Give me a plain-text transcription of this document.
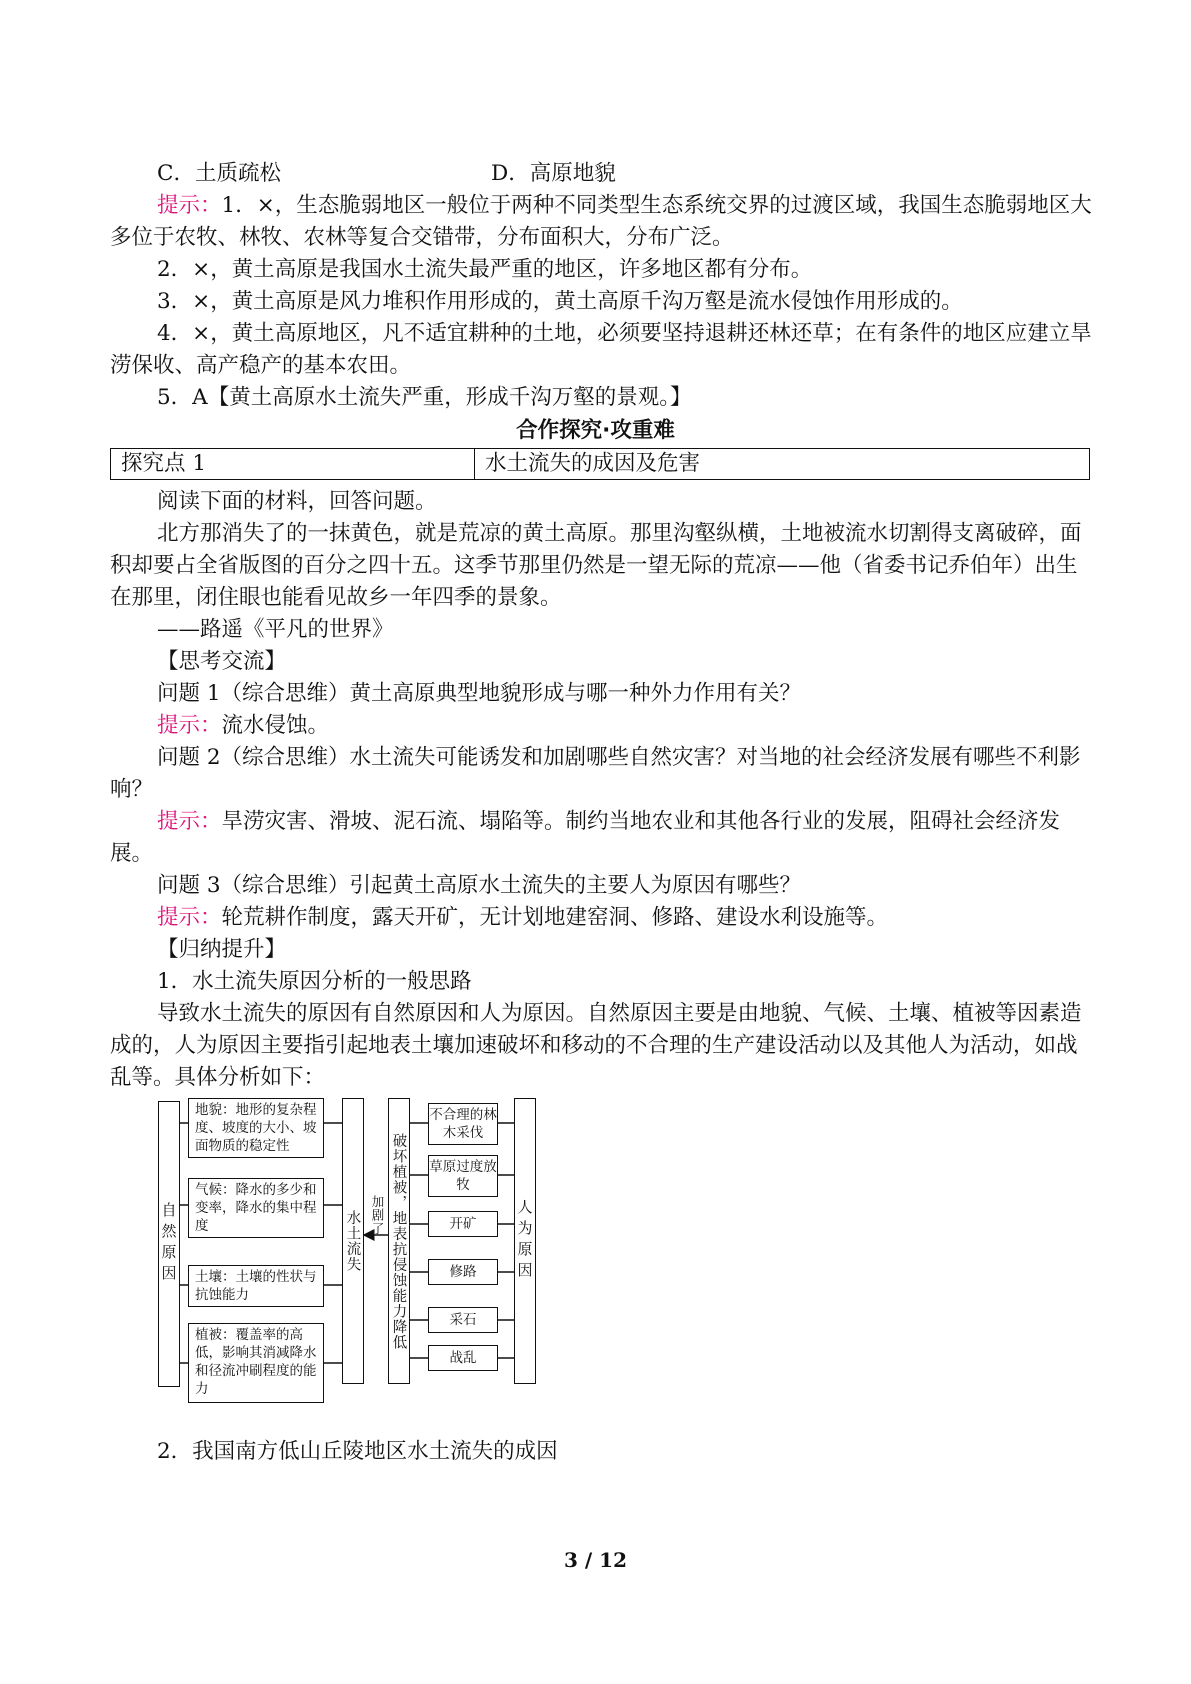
C．土质疏松	D．高原地貌

提示：1．×，生态脆弱地区一般位于两种不同类型生态系统交界的过渡区域，我国生态脆弱地区大多位于农牧、林牧、农林等复合交错带，分布面积大，分布广泛。

2．×，黄土高原是我国水土流失最严重的地区，许多地区都有分布。

3．×，黄土高原是风力堆积作用形成的，黄土高原千沟万壑是流水侵蚀作用形成的。

4．×，黄土高原地区，凡不适宜耕种的土地，必须要坚持退耕还林还草；在有条件的地区应建立旱涝保收、高产稳产的基本农田。

5．A【黄土高原水土流失严重，形成千沟万壑的景观。】

合作探究·攻重难
探究点 1	水土流失的成因及危害

阅读下面的材料，回答问题。

北方那消失了的一抹黄色，就是荒凉的黄土高原。那里沟壑纵横，土地被流水切割得支离破碎，面积却要占全省版图的百分之四十五。这季节那里仍然是一望无际的荒凉——他（省委书记乔伯年）出生在那里，闭住眼也能看见故乡一年四季的景象。

——路遥《平凡的世界》

【思考交流】

问题 1（综合思维）黄土高原典型地貌形成与哪一种外力作用有关？

提示：流水侵蚀。

问题 2（综合思维）水土流失可能诱发和加剧哪些自然灾害？对当地的社会经济发展有哪些不利影响？

提示：旱涝灾害、滑坡、泥石流、塌陷等。制约当地农业和其他各行业的发展，阻碍社会经济发展。

问题 3（综合思维）引起黄土高原水土流失的主要人为原因有哪些？

提示：轮荒耕作制度，露天开矿，无计划地建窑洞、修路、建设水利设施等。

【归纳提升】

1．水土流失原因分析的一般思路

导致水土流失的原因有自然原因和人为原因。自然原因主要是由地貌、气候、土壤、植被等因素造成的，人为原因主要指引起地表土壤加速破坏和移动的不合理的生产建设活动以及其他人为活动，如战乱等。具体分析如下：

自然原因
地貌：地形的复杂程度、坡度的大小、坡面物质的稳定性
气候：降水的多少和变率，降水的集中程度
土壤：土壤的性状与抗蚀能力
植被：覆盖率的高低，影响其消减降水和径流冲刷程度的能力
水土流失 加剧了 破坏植被，地表抗侵蚀能力降低
不合理的林木采伐
草原过度放牧
开矿
修路
采石
战乱
人为原因

2．我国南方低山丘陵地区水土流失的成因

3 / 12
